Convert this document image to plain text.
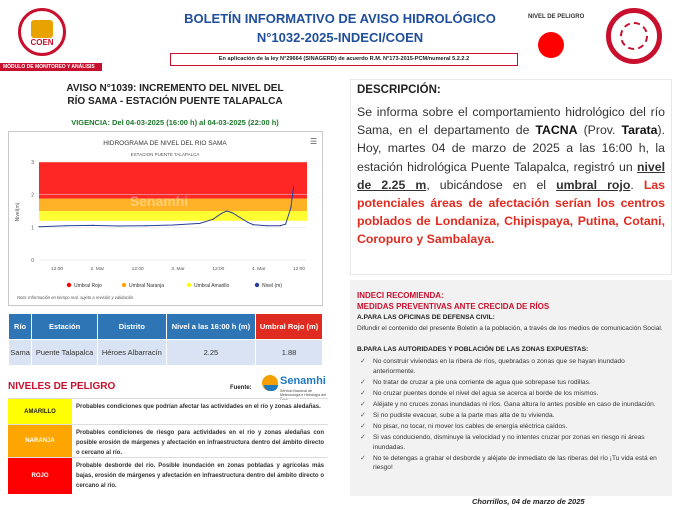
COEN
MÓDULO DE MONITOREO Y ANÁLISIS
BOLETÍN INFORMATIVO DE AVISO HIDROLÓGICO
N°1032-2025-INDECI/COEN
En aplicación de la ley N°29664 (SINAGERD) de acuerdo R.M. N°173-2015-PCM/numeral 5.2.2.2
NIVEL DE PELIGRO
AVISO N°1039: INCREMENTO DEL NIVEL DEL
RÍO SAMA - ESTACIÓN PUENTE TALAPALCA
VIGENCIA: Del 04-03-2025 (16:00 h) al 04-03-2025 (22:00 h)
HIDROGRAMA DE NIVEL DEL RIO SAMA
ESTACION PUENTE TALAPALCA
Senamhi
0
1
2
3
Nivel(m)
12:00	2. Mar	12:00	3. Mar	12:00	4. Mar	12:00
Umbral Rojo	Umbral Naranja	Umbral Amarillo	Nivel (m)
Nota: Información en tiempo real, sujeto a revisión y validación
☰
Río	Estación	Distrito	Nivel a las 16:00 h (m)	Umbral Rojo (m)
Sama	Puente Talapalca	Héroes Albarracín	2.25	1.88
NIVELES DE PELIGRO	Fuente:
Senamhi
Servicio Nacional de Meteorología e Hidrología del Perú
AMARILLO
Probables condiciones que podrían afectar las actividades en el río y zonas aledañas.
NARANJA
Probables condiciones de riesgo para actividades en el río y zonas aledañas con posible erosión de márgenes y afectación en infraestructura dentro del ámbito directo o cercano al río.
ROJO
Probable desborde del río. Posible inundación en zonas pobladas y agrícolas más bajas, erosión de márgenes y afectación en infraestructura dentro del ámbito directo o cercano al río.
DESCRIPCIÓN:
Se informa sobre el comportamiento hidrológico del río Sama, en el departamento de TACNA (Prov. Tarata). Hoy, martes 04 de marzo de 2025 a las 16:00 h, la estación hidrológica Puente Talapalca, registró un nivel de 2.25 m, ubicándose en el umbral rojo. Las potenciales áreas de afectación serían los centros poblados de Londaniza, Chipispaya, Putina, Cotani, Coropuro y Sambalaya.
INDECI RECOMIENDA:
MEDIDAS PREVENTIVAS ANTE CRECIDA DE RÍOS
A.PARA LAS OFICINAS DE DEFENSA CIVIL:
Difundir el contenido del presente Boletín a la población, a través de los medios de comunicación Social.
B.PARA LAS AUTORIDADES Y POBLACIÓN DE LAS ZONAS EXPUESTAS:
✓ No construir viviendas en la ribera de ríos, quebradas o zonas que se hayan inundado anteriormente.
✓ No tratar de cruzar a pie una corriente de agua que sobrepase tus rodillas.
✓ No cruzar puentes donde el nivel del agua se acerca al borde de los mismos.
✓ Aléjate y no cruces zonas inundadas ni ríos. Gana altura lo antes posible en caso de inundación.
✓ Si no pudiste evacuar, sube a la parte mas alta de tu vivienda.
✓ No pisar, no tocar, ni mover los cables de energía eléctrica caídos.
✓ Si vas conduciendo, disminuye la velocidad y no intentes cruzar por zonas en riesgo ni áreas inundadas.
✓ No te detengas a grabar el desborde y aléjate de inmediato de las riberas del río ¡Tu vida está en riesgo!
Chorrillos, 04 de marzo de 2025
